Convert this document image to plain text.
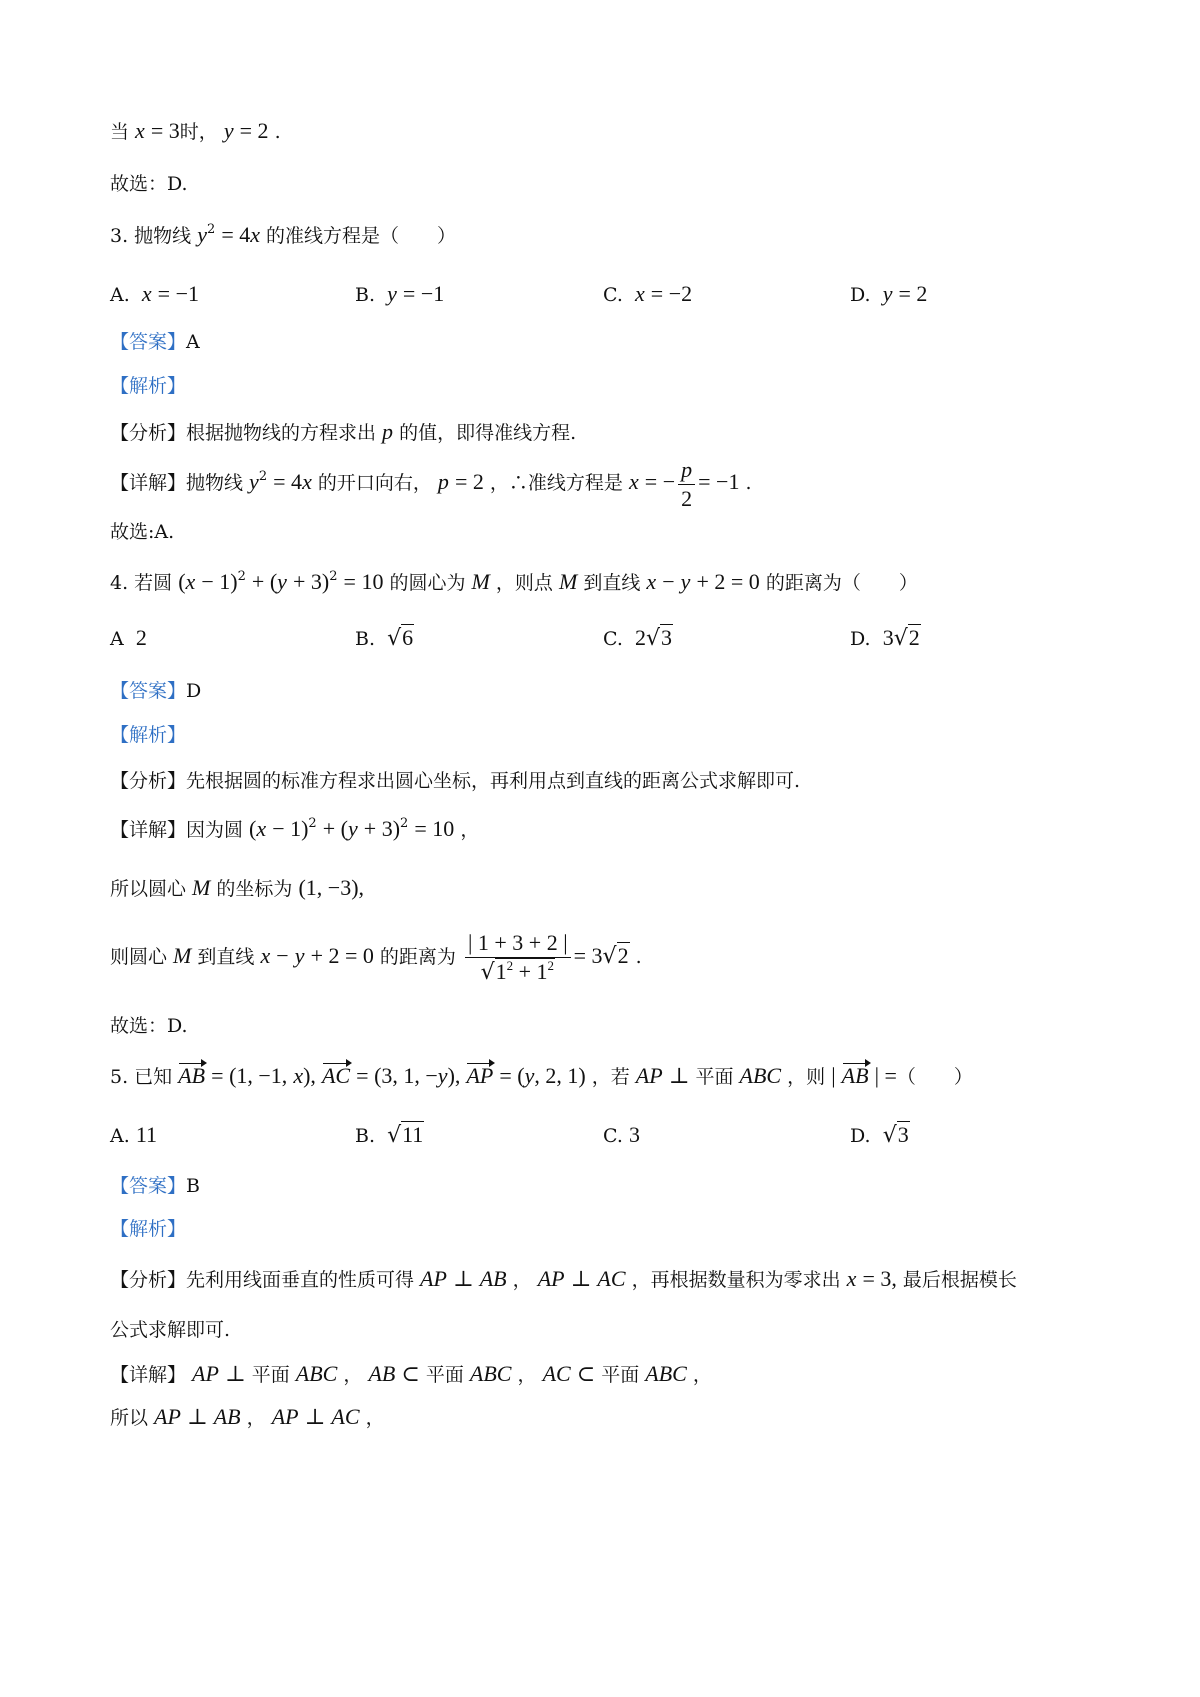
当 x = 3时， y = 2 .
故选：D.
3. 抛物线 $y^2 = 4x$ 的准线方程是（　　）
A.  x = −1	B.  y = −1	C.  x = −2	D.  y = 2
【答案】A
【解析】
【分析】根据抛物线的方程求出 p 的值，即得准线方程.
【详解】抛物线 $y^2 = 4x$ 的开口向右， p = 2 ，∴准线方程是 x = − $\frac{p}{2} = -1$ .
故选:A.
4. 若圆 $(x - 1)^2 + (y + 3)^2 = 10$ 的圆心为 M ，则点 M 到直线 x − y + 2 = 0 的距离为（　　）
A  2	B.  √6	C.  2√3	D.  3√2
【答案】D
【解析】
【分析】先根据圆的标准方程求出圆心坐标，再利用点到直线的距离公式求解即可.
【详解】因为圆 $(x - 1)^2 + (y + 3)^2 = 10$ ，
所以圆心 M 的坐标为 (1, −3),
则圆心 M 到直线 x − y + 2 = 0 的距离为 $\frac{| 1 + 3 + 2 |}{√1^2 + 1^2} = 3√2$ .
故选：D.
5. 已知 AB = (1, −1, x), AC = (3, 1, −y), AP = (y, 2, 1) ，若 AP ⊥ 平面 ABC ，则 | AB | =（　　）
A. 11	B.  √11	C. 3	D.  √3
【答案】B
【解析】
【分析】先利用线面垂直的性质可得 AP ⊥ AB ， AP ⊥ AC ，再根据数量积为零求出 x = 3, 最后根据模长
公式求解即可.
【详解】 AP ⊥ 平面 ABC ， AB ⊂ 平面 ABC ， AC ⊂ 平面 ABC ，
所以 AP ⊥ AB ， AP ⊥ AC ，
